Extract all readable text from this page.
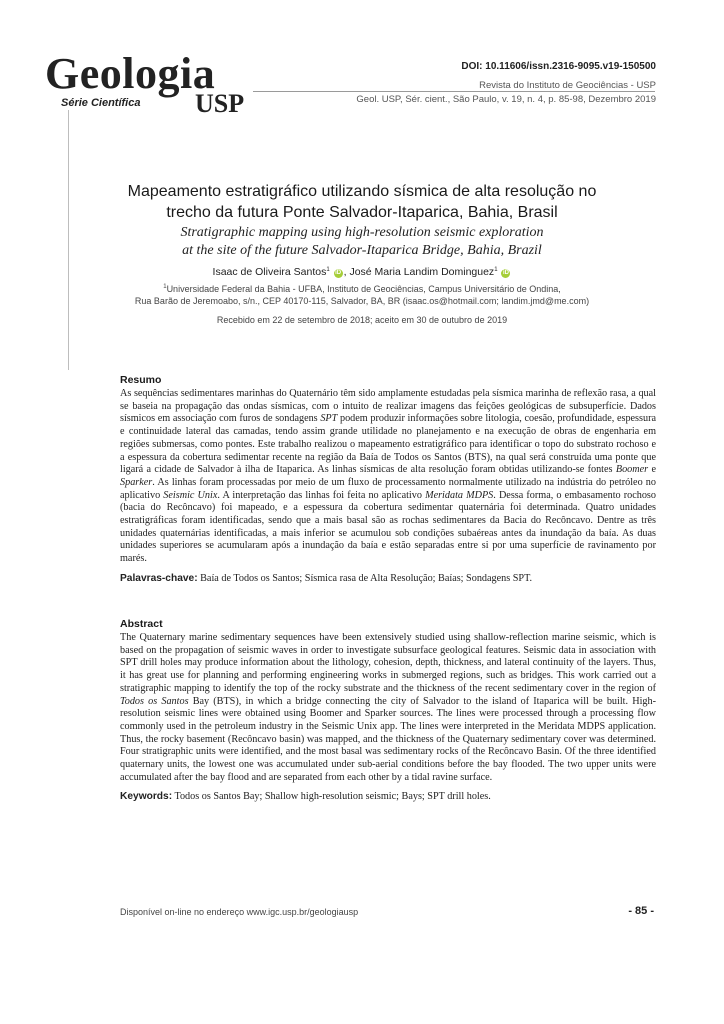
Geologia
Série Científica USP
DOI: 10.11606/issn.2316-9095.v19-150500
Revista do Instituto de Geociências - USP
Geol. USP, Sér. cient., São Paulo, v. 19, n. 4, p. 85-98, Dezembro 2019
Mapeamento estratigráfico utilizando sísmica de alta resolução no
trecho da futura Ponte Salvador-Itaparica, Bahia, Brasil
Stratigraphic mapping using high-resolution seismic exploration
at the site of the future Salvador-Itaparica Bridge, Bahia, Brazil
Isaac de Oliveira Santos$^1$ iD , José Maria Landim Dominguez$^1$ iD
$^1$Universidade Federal da Bahia - UFBA, Instituto de Geociências, Campus Universitário de Ondina,
Rua Barão de Jeremoabo, s/n., CEP 40170-115, Salvador, BA, BR (isaac.os@hotmail.com; landim.jmd@me.com)
Recebido em 22 de setembro de 2018; aceito em 30 de outubro de 2019
Resumo
As sequências sedimentares marinhas do Quaternário têm sido amplamente estudadas pela sísmica marinha de reflexão rasa, a qual se baseia na propagação das ondas sísmicas, com o intuito de realizar imagens das feições geológicas de subsuperfície. Dados sísmicos em associação com furos de sondagens SPT podem produzir informações sobre litologia, coesão, profundidade, espessura e continuidade lateral das camadas, tendo assim grande utilidade no planejamento e na execução de obras de engenharia em regiões submersas, como pontes. Este trabalho realizou o mapeamento estratigráfico para identificar o topo do substrato rochoso e a espessura da cobertura sedimentar recente na região da Baía de Todos os Santos (BTS), na qual será construída uma ponte que ligará a cidade de Salvador à ilha de Itaparica. As linhas sísmicas de alta resolução foram obtidas utilizando-se fontes Boomer e Sparker. As linhas foram processadas por meio de um fluxo de processamento normalmente utilizado na indústria do petróleo no aplicativo Seismic Unix. A interpretação das linhas foi feita no aplicativo Meridata MDPS. Dessa forma, o embasamento rochoso (bacia do Recôncavo) foi mapeado, e a espessura da cobertura sedimentar quaternária foi determinada. Quatro unidades estratigráficas foram identificadas, sendo que a mais basal são as rochas sedimentares da Bacia do Recôncavo. Dentre as três unidades quaternárias identificadas, a mais inferior se acumulou sob condições subaéreas antes da inundação da baía. As duas unidades superiores se acumularam após a inundação da baía e estão separadas entre si por uma superfície de ravinamento por marés.
Palavras-chave: Baía de Todos os Santos; Sísmica rasa de Alta Resolução; Baías; Sondagens SPT.
Abstract
The Quaternary marine sedimentary sequences have been extensively studied using shallow-reflection marine seismic, which is based on the propagation of seismic waves in order to investigate subsurface geological features. Seismic data in association with SPT drill holes may produce information about the lithology, cohesion, depth, thickness, and lateral continuity of the layers. Thus, it has great use for planning and performing engineering works in submerged regions, such as bridges. This work carried out a stratigraphic mapping to identify the top of the rocky substrate and the thickness of the recent sedimentary cover in the region of Todos os Santos Bay (BTS), in which a bridge connecting the city of Salvador to the island of Itaparica will be built. High-resolution seismic lines were obtained using Boomer and Sparker sources. The lines were processed through a processing flow commonly used in the petroleum industry in the Seismic Unix app. The lines were interpreted in the Meridata MDPS application. Thus, the rocky basement (Recôncavo basin) was mapped, and the thickness of the Quaternary sedimentary cover was determined. Four stratigraphic units were identified, and the most basal was sedimentary rocks of the Recôncavo Basin. Of the three identified quaternary units, the lowest one was accumulated under sub-aerial conditions before the bay flooded. The two upper units were accumulated after the bay flood and are separated from each other by a tidal ravine surface.
Keywords: Todos os Santos Bay; Shallow high-resolution seismic; Bays; SPT drill holes.
Disponível on-line no endereço www.igc.usp.br/geologiausp	- 85 -
